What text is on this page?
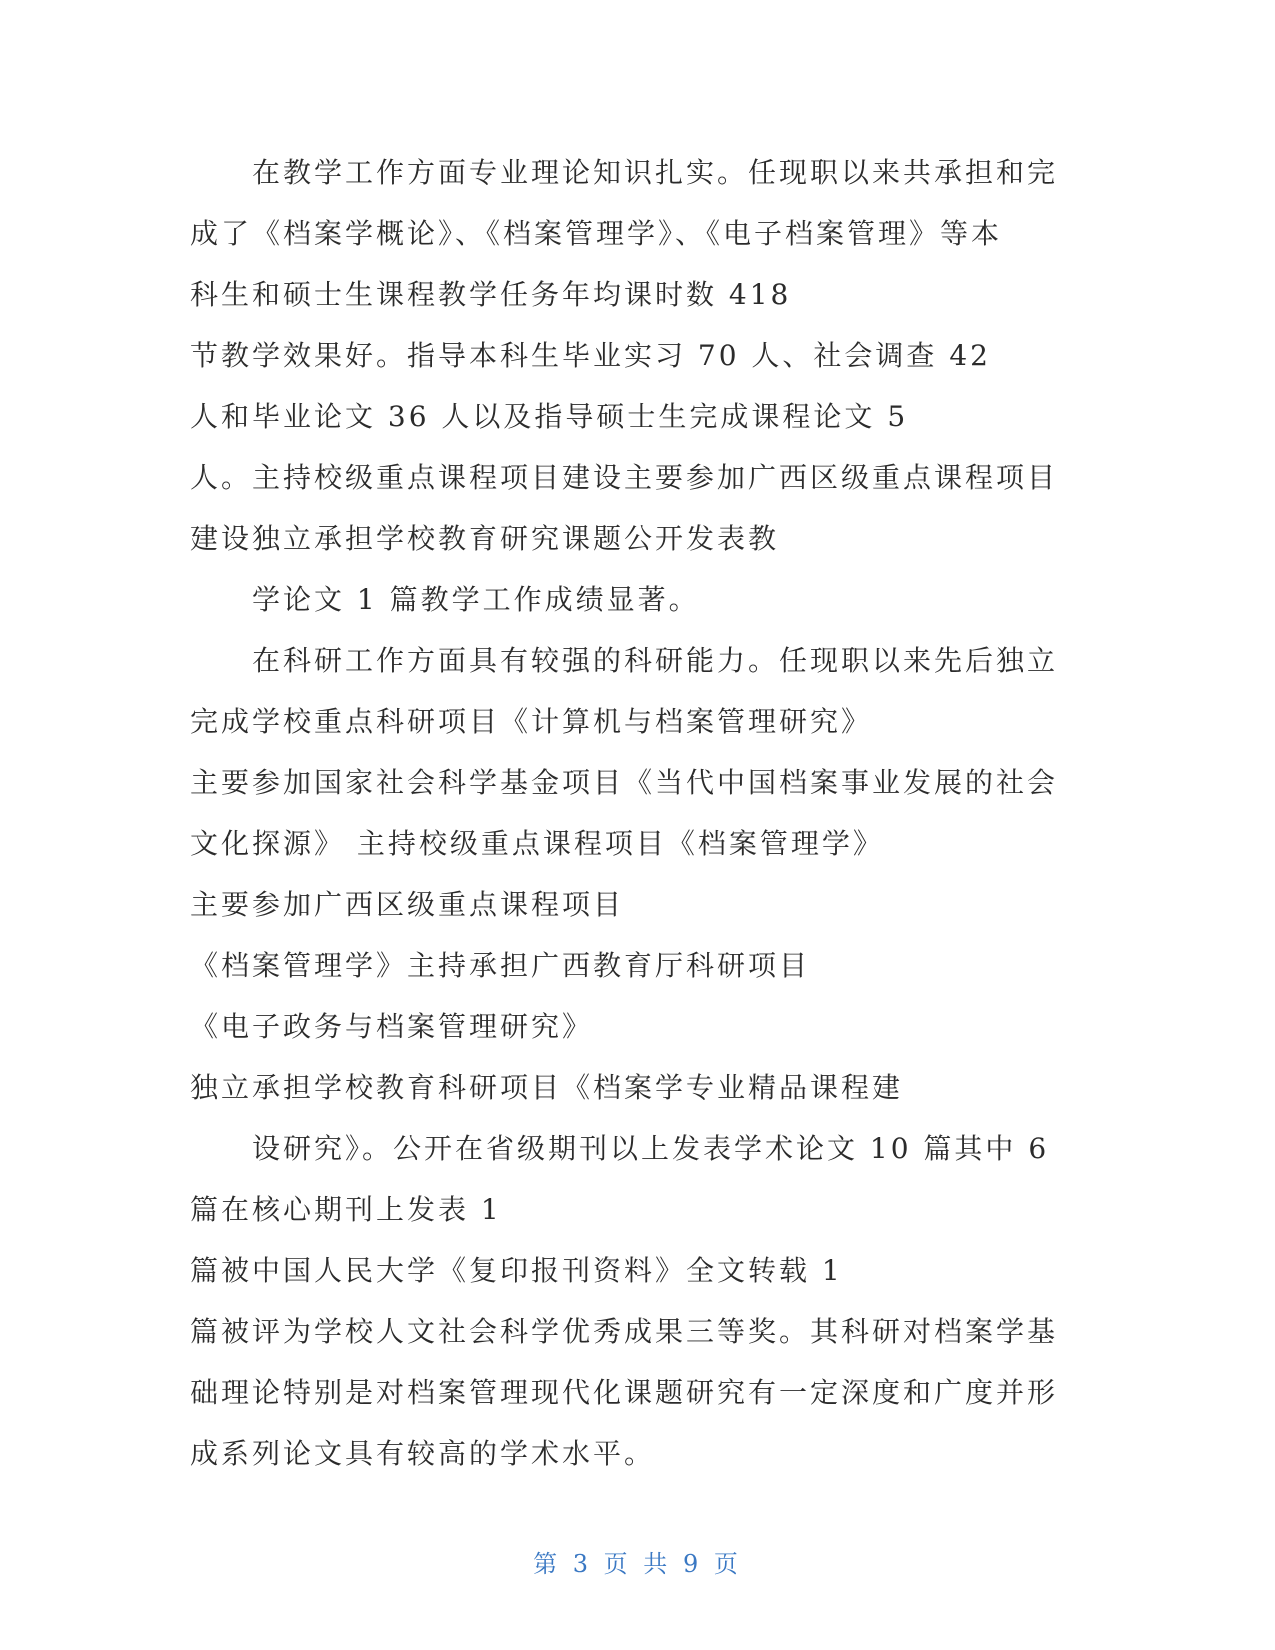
在教学工作方面专业理论知识扎实。任现职以来共承担和完
成了《档案学概论》、《档案管理学》、《电子档案管理》等本
科生和硕士生课程教学任务年均课时数 418
节教学效果好。指导本科生毕业实习 70 人、社会调查 42
人和毕业论文 36 人以及指导硕士生完成课程论文 5
人。主持校级重点课程项目建设主要参加广西区级重点课程项目
建设独立承担学校教育研究课题公开发表教
学论文 1 篇教学工作成绩显著。
在科研工作方面具有较强的科研能力。任现职以来先后独立
完成学校重点科研项目《计算机与档案管理研究》
主要参加国家社会科学基金项目《当代中国档案事业发展的社会
文化探源》 主持校级重点课程项目《档案管理学》
主要参加广西区级重点课程项目
《档案管理学》主持承担广西教育厅科研项目
《电子政务与档案管理研究》
独立承担学校教育科研项目《档案学专业精品课程建
设研究》。公开在省级期刊以上发表学术论文 10 篇其中 6
篇在核心期刊上发表 1
篇被中国人民大学《复印报刊资料》全文转载 1
篇被评为学校人文社会科学优秀成果三等奖。其科研对档案学基
础理论特别是对档案管理现代化课题研究有一定深度和广度并形
成系列论文具有较高的学术水平。
第 3 页 共 9 页
